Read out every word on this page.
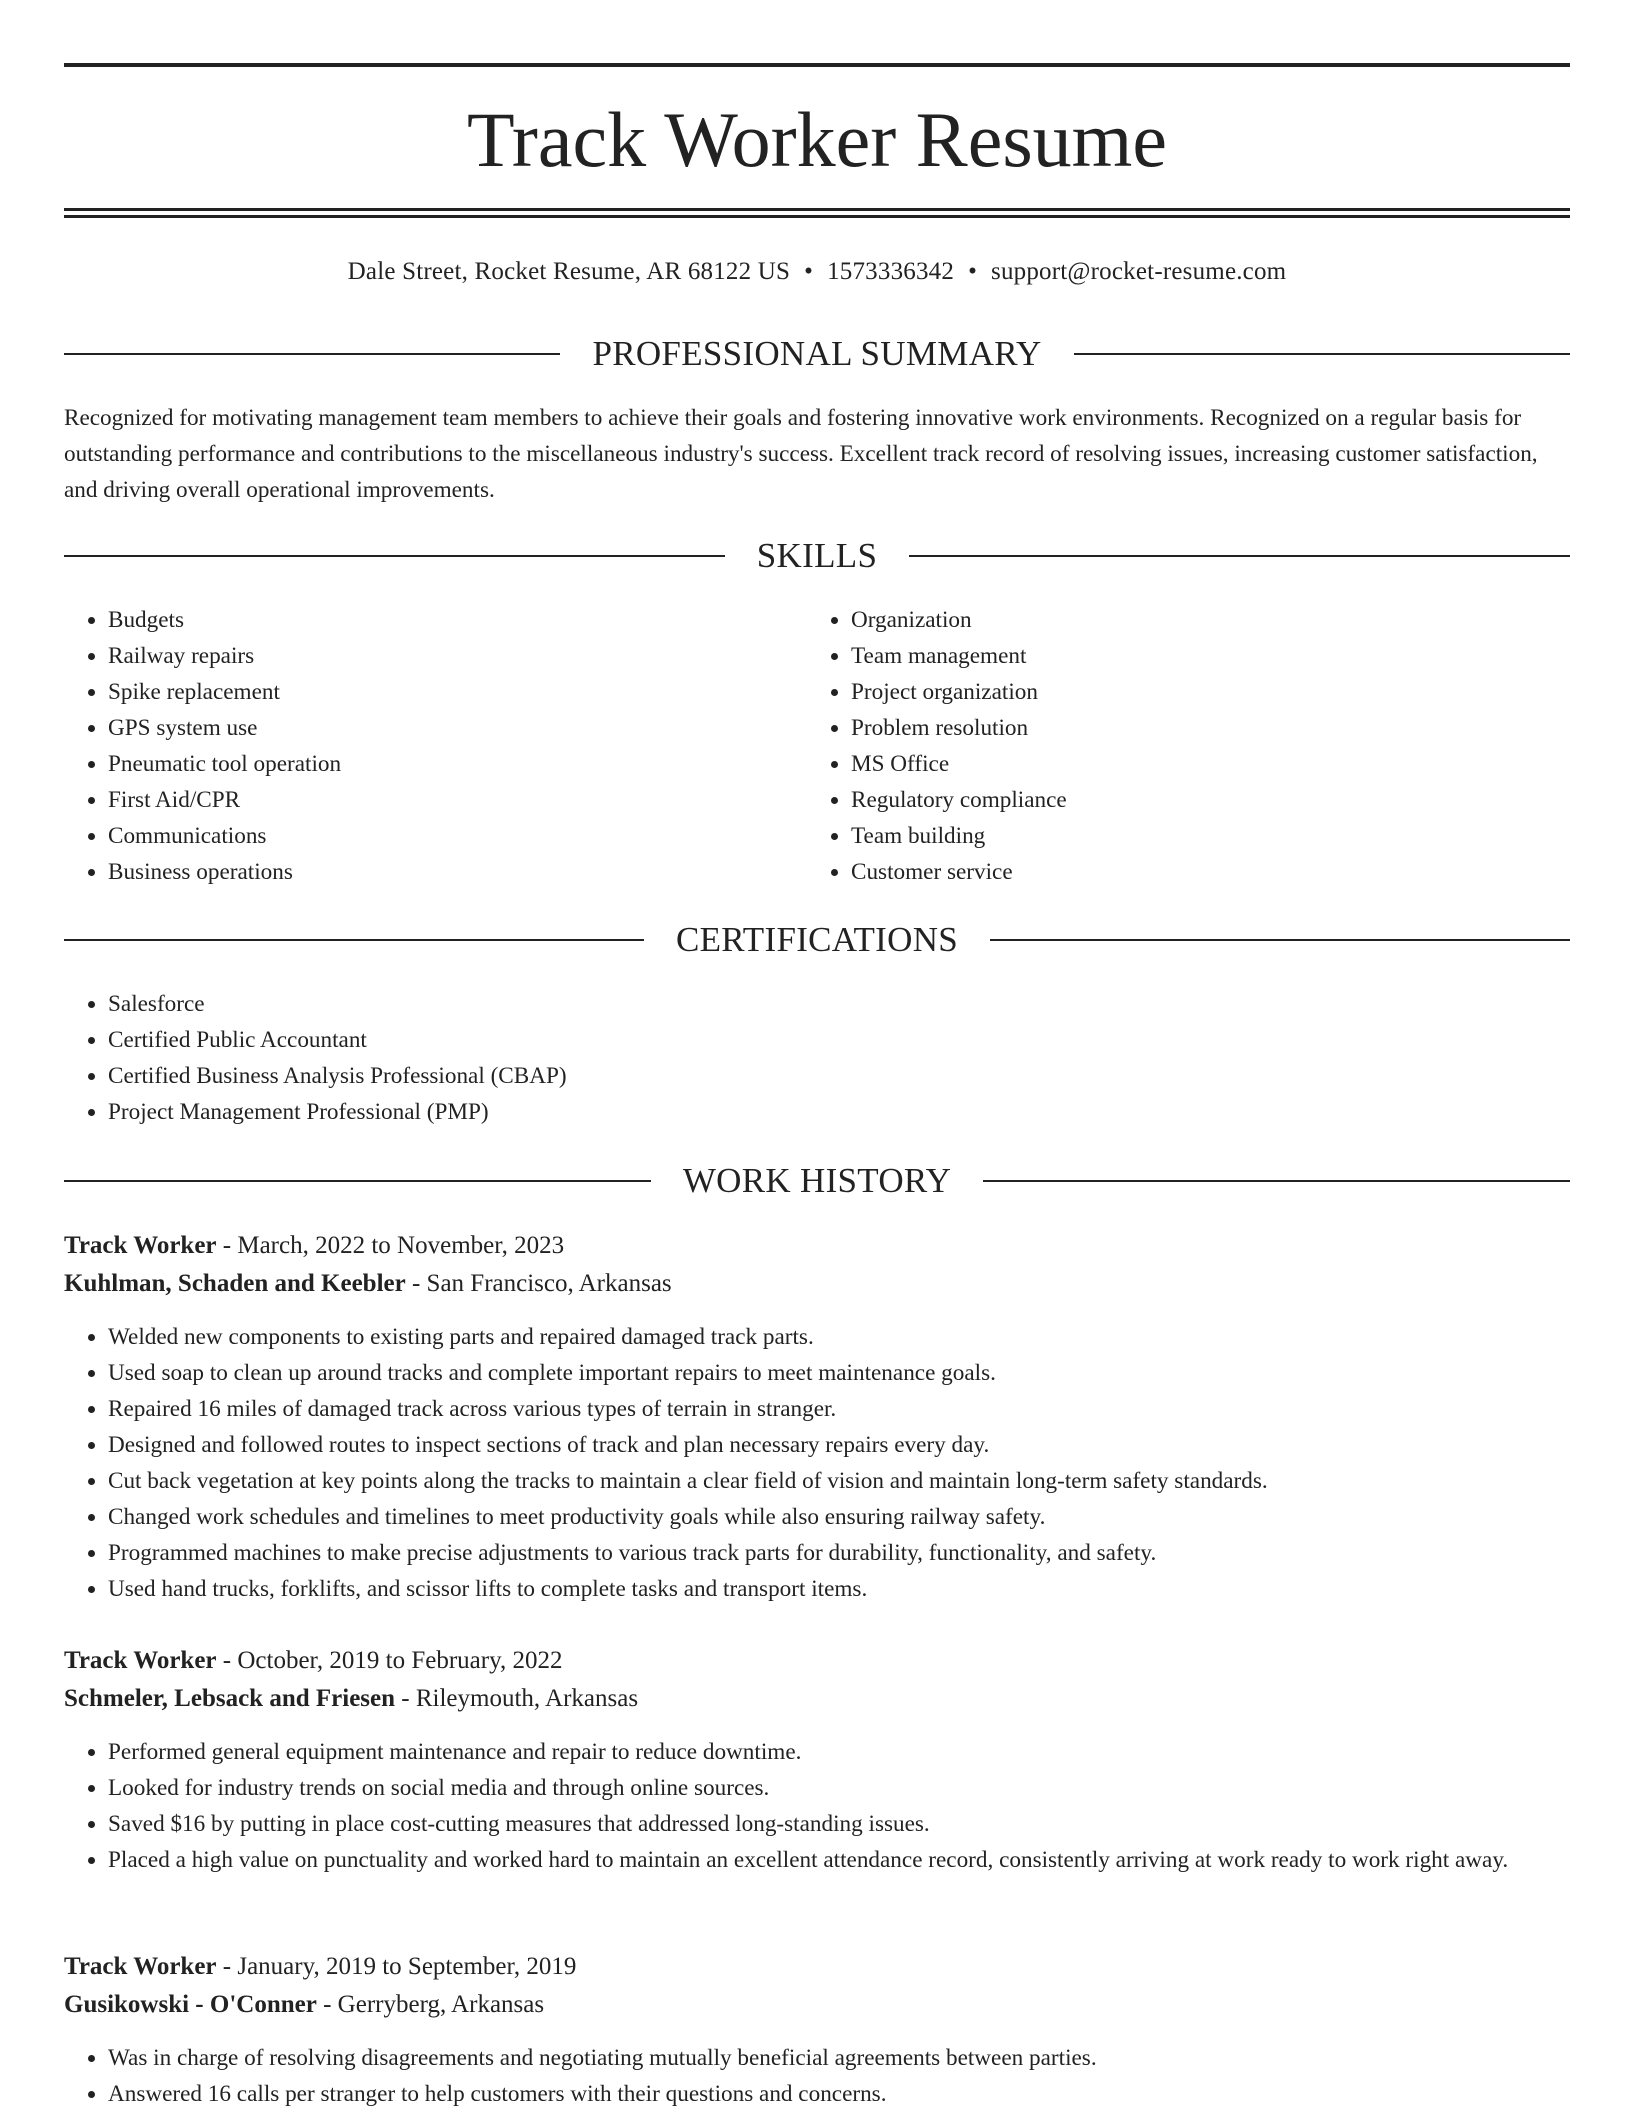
Track Worker Resume
Dale Street, Rocket Resume, AR 68122 US • 1573336342 • support@rocket-resume.com
PROFESSIONAL SUMMARY

Recognized for motivating management team members to achieve their goals and fostering innovative work environments. Recognized on a regular basis for outstanding performance and contributions to the miscellaneous industry's success. Excellent track record of resolving issues, increasing customer satisfaction, and driving overall operational improvements.

SKILLS
• Budgets
• Railway repairs
• Spike replacement
• GPS system use
• Pneumatic tool operation
• First Aid/CPR
• Communications
• Business operations
• Organization
• Team management
• Project organization
• Problem resolution
• MS Office
• Regulatory compliance
• Team building
• Customer service
CERTIFICATIONS
• Salesforce
• Certified Public Accountant
• Certified Business Analysis Professional (CBAP)
• Project Management Professional (PMP)
WORK HISTORY
Track Worker - March, 2022 to November, 2023
Kuhlman, Schaden and Keebler - San Francisco, Arkansas
• Welded new components to existing parts and repaired damaged track parts.
• Used soap to clean up around tracks and complete important repairs to meet maintenance goals.
• Repaired 16 miles of damaged track across various types of terrain in stranger.
• Designed and followed routes to inspect sections of track and plan necessary repairs every day.
• Cut back vegetation at key points along the tracks to maintain a clear field of vision and maintain long-term safety standards.
• Changed work schedules and timelines to meet productivity goals while also ensuring railway safety.
• Programmed machines to make precise adjustments to various track parts for durability, functionality, and safety.
• Used hand trucks, forklifts, and scissor lifts to complete tasks and transport items.
Track Worker - October, 2019 to February, 2022
Schmeler, Lebsack and Friesen - Rileymouth, Arkansas
• Performed general equipment maintenance and repair to reduce downtime.
• Looked for industry trends on social media and through online sources.
• Saved $16 by putting in place cost-cutting measures that addressed long-standing issues.
• Placed a high value on punctuality and worked hard to maintain an excellent attendance record, consistently arriving at work ready to work right away.
Track Worker - January, 2019 to September, 2019
Gusikowski - O'Conner - Gerryberg, Arkansas
• Was in charge of resolving disagreements and negotiating mutually beneficial agreements between parties.
• Answered 16 calls per stranger to help customers with their questions and concerns.
